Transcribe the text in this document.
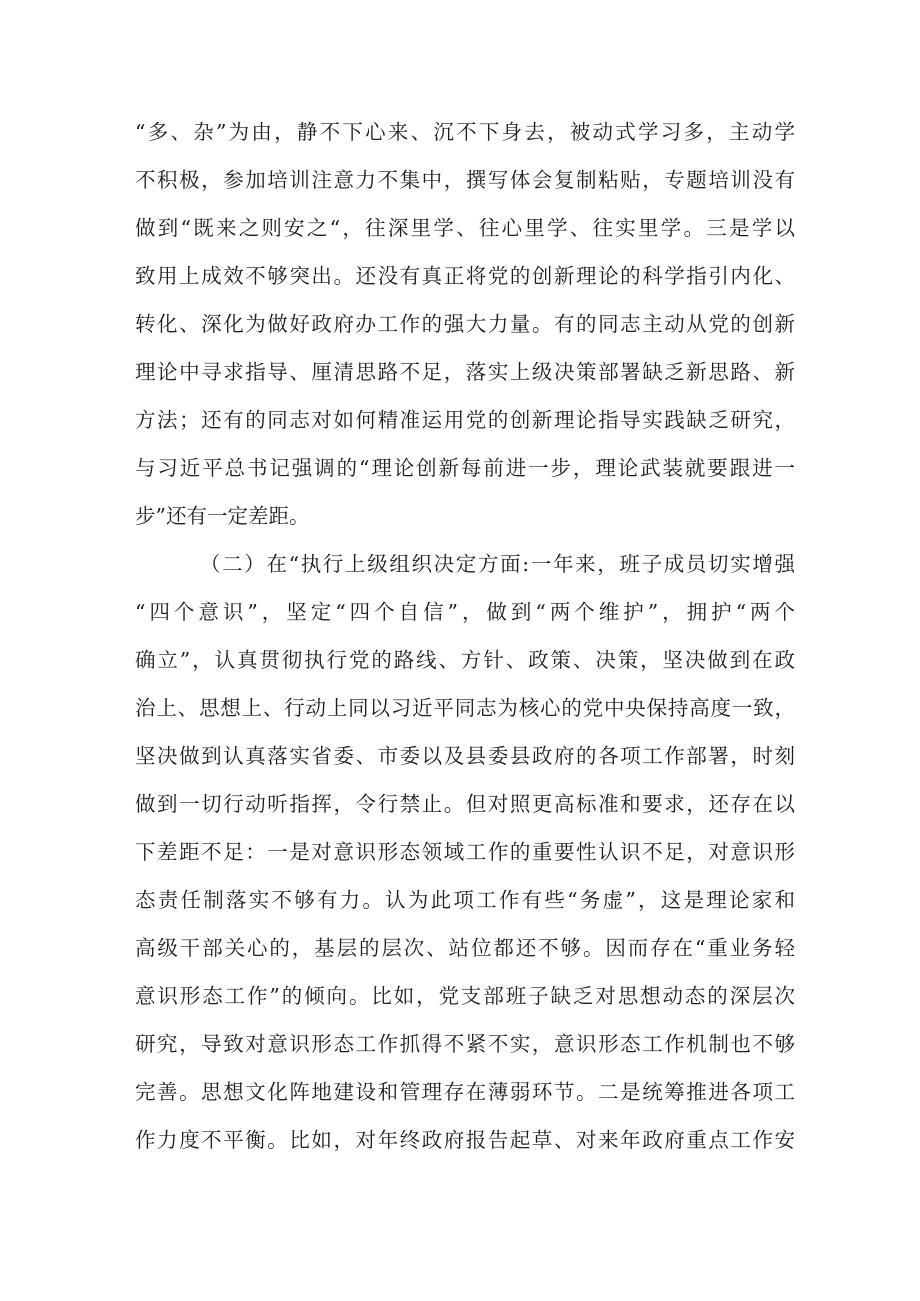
“多、杂”为由，静不下心来、沉不下身去，被动式学习多，主动学
不积极，参加培训注意力不集中，撰写体会复制粘贴，专题培训没有
做到“既来之则安之“，往深里学、往心里学、往实里学。三是学以
致用上成效不够突出。还没有真正将党的创新理论的科学指引内化、
转化、深化为做好政府办工作的强大力量。有的同志主动从党的创新
理论中寻求指导、厘清思路不足，落实上级决策部署缺乏新思路、新
方法；还有的同志对如何精准运用党的创新理论指导实践缺乏研究，
与习近平总书记强调的“理论创新每前进一步，理论武装就要跟进一
步”还有一定差距。
（二）在“执行上级组织决定方面:一年来，班子成员切实增强
“四个意识”，坚定“四个自信”，做到“两个维护”，拥护“两个
确立”，认真贯彻执行党的路线、方针、政策、决策，坚决做到在政
治上、思想上、行动上同以习近平同志为核心的党中央保持高度一致，
坚决做到认真落实省委、市委以及县委县政府的各项工作部署，时刻
做到一切行动听指挥，令行禁止。但对照更高标准和要求，还存在以
下差距不足：一是对意识形态领域工作的重要性认识不足，对意识形
态责任制落实不够有力。认为此项工作有些“务虚”，这是理论家和
高级干部关心的，基层的层次、站位都还不够。因而存在“重业务轻
意识形态工作”的倾向。比如，党支部班子缺乏对思想动态的深层次
研究，导致对意识形态工作抓得不紧不实，意识形态工作机制也不够
完善。思想文化阵地建设和管理存在薄弱环节。二是统筹推进各项工
作力度不平衡。比如，对年终政府报告起草、对来年政府重点工作安
